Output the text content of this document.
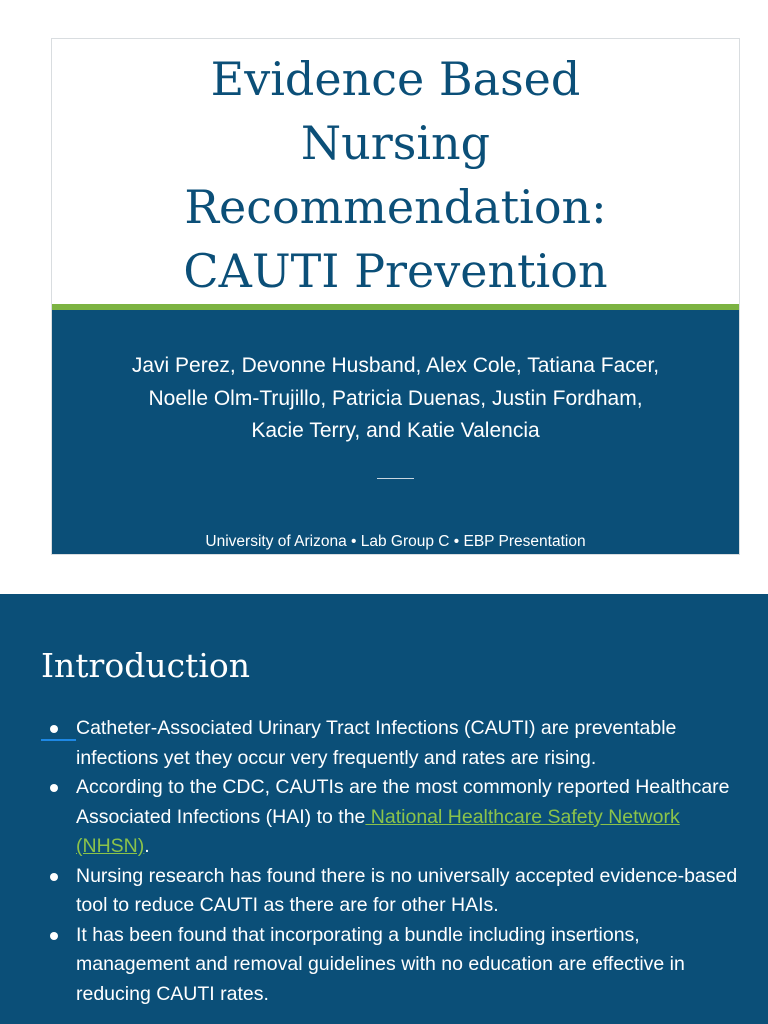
Evidence Based
Nursing
Recommendation:
CAUTI Prevention

Javi Perez, Devonne Husband, Alex Cole, Tatiana Facer,
Noelle Olm-Trujillo, Patricia Duenas, Justin Fordham,
Kacie Terry, and Katie Valencia

University of Arizona • Lab Group C • EBP Presentation

Introduction
Catheter-Associated Urinary Tract Infections (CAUTI) are preventable infections yet they occur very frequently and rates are rising.
According to the CDC, CAUTIs are the most commonly reported Healthcare Associated Infections (HAI) to the National Healthcare Safety Network (NHSN).
Nursing research has found there is no universally accepted evidence-based tool to reduce CAUTI as there are for other HAIs.
It has been found that incorporating a bundle including insertions, management and removal guidelines with no education are effective in reducing CAUTI rates.
